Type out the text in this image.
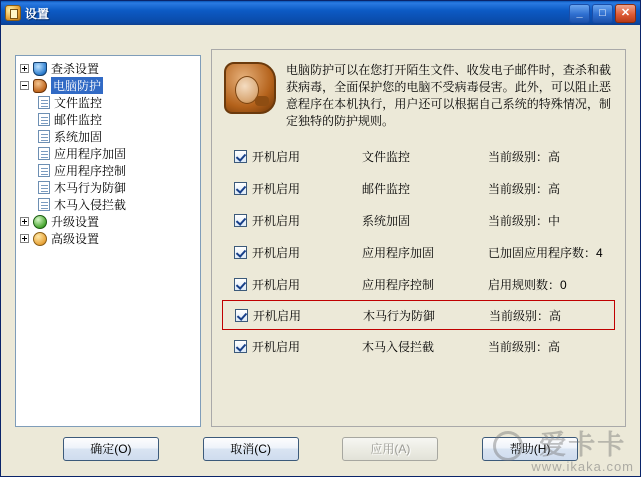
设置	_	□	✕
查杀设置
电脑防护
文件监控
邮件监控
系统加固
应用程序加固
应用程序控制
木马行为防御
木马入侵拦截
升级设置
高级设置
电脑防护可以在您打开陌生文件、收发电子邮件时，查杀和截获病毒，全面保护您的电脑不受病毒侵害。此外，可以阻止恶意程序在本机执行，用户还可以根据自己系统的特殊情况，制定独特的防护规则。
开机启用	文件监控	当前级别：高
开机启用	邮件监控	当前级别：高
开机启用	系统加固	当前级别：中
开机启用	应用程序加固	已加固应用程序数：4
开机启用	应用程序控制	启用规则数：0
开机启用	木马行为防御	当前级别：高
开机启用	木马入侵拦截	当前级别：高
确定(O)	取消(C)	应用(A)	帮助(H)
爱卡卡
www.ikaka.com
